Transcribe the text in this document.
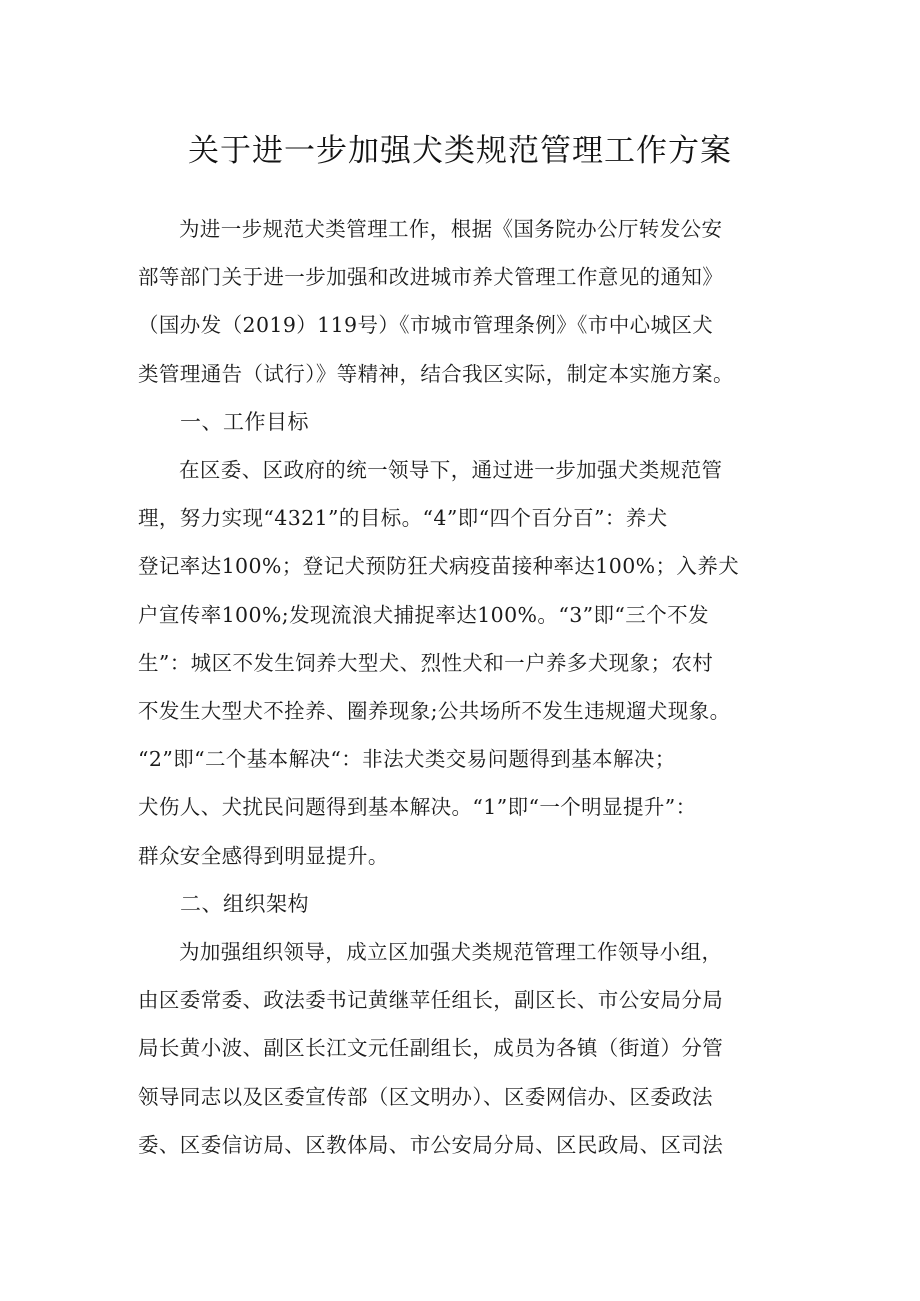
关于进一步加强犬类规范管理工作方案

为进一步规范犬类管理工作，根据《国务院办公厅转发公安
部等部门关于进一步加强和改进城市养犬管理工作意见的通知》
（国办发（2019）119号）《市城市管理条例》《市中心城区犬
类管理通告（试行）》等精神，结合我区实际，制定本实施方案。

一、工作目标

在区委、区政府的统一领导下，通过进一步加强犬类规范管
理，努力实现“4321”的目标。“4”即“四个百分百”：养犬
登记率达100%；登记犬预防狂犬病疫苗接种率达100%；入养犬
户宣传率100%;发现流浪犬捕捉率达100%。“3”即“三个不发
生”：城区不发生饲养大型犬、烈性犬和一户养多犬现象；农村
不发生大型犬不拴养、圈养现象;公共场所不发生违规遛犬现象。
“2”即“二个基本解决“：非法犬类交易问题得到基本解决；
犬伤人、犬扰民问题得到基本解决。“1”即“一个明显提升”：
群众安全感得到明显提升。

二、组织架构

为加强组织领导，成立区加强犬类规范管理工作领导小组，
由区委常委、政法委书记黄继苹任组长，副区长、市公安局分局
局长黄小波、副区长江文元任副组长，成员为各镇（街道）分管
领导同志以及区委宣传部（区文明办）、区委网信办、区委政法
委、区委信访局、区教体局、市公安局分局、区民政局、区司法
